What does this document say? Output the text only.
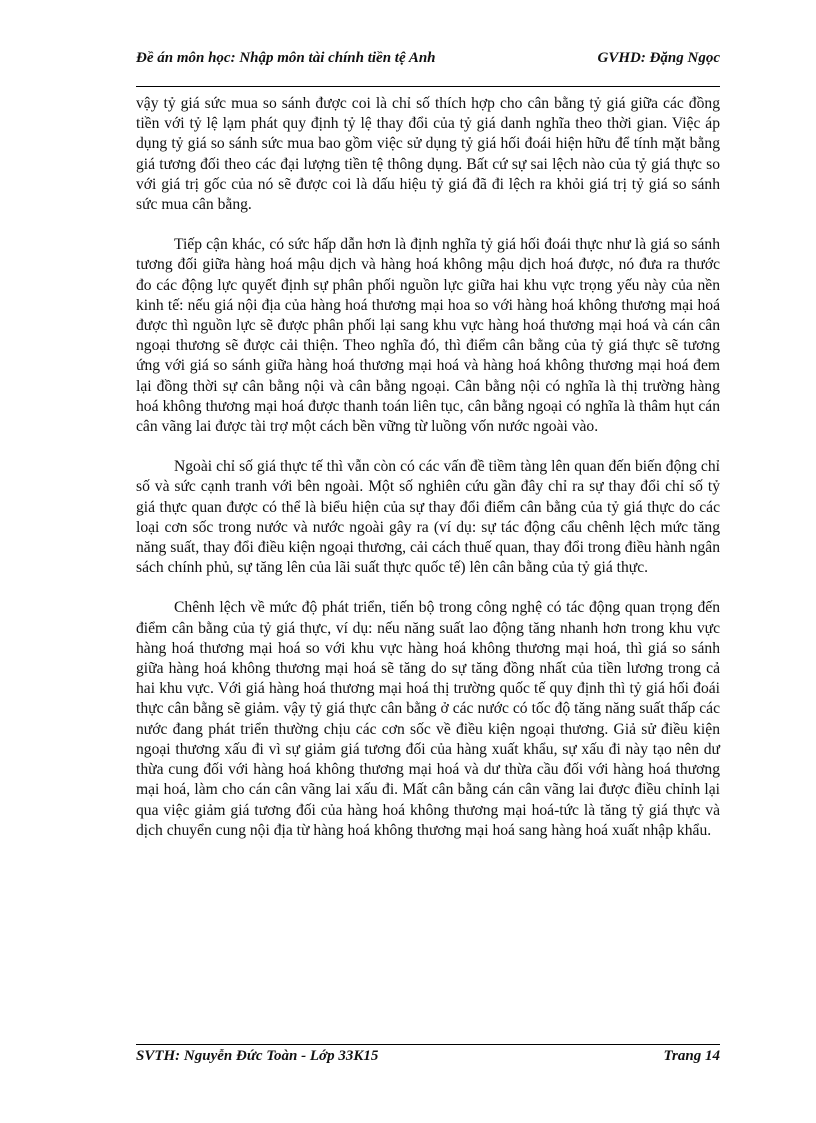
Đề án môn học: Nhập môn tài chính tiền tệ Anh	GVHD: Đặng Ngọc

vậy tỷ giá sức mua so sánh được coi là chỉ số thích hợp cho cân bằng tỷ giá giữa các đồng tiền với tỷ lệ lạm phát quy định tỷ lệ thay đổi của tỷ giá danh nghĩa theo thời gian. Việc áp dụng tỷ giá so sánh sức mua bao gồm việc sử dụng tỷ giá hối đoái hiện hữu để tính mặt bằng giá tương đối theo các đại lượng tiền tệ thông dụng. Bất cứ sự sai lệch nào của tỷ giá thực so với giá trị gốc của nó sẽ được coi là dấu hiệu tỷ giá đã đi lệch ra khỏi giá trị tỷ giá so sánh sức mua cân bằng.

Tiếp cận khác, có sức hấp dẫn hơn là định nghĩa tỷ giá hối đoái thực như là giá so sánh tương đối giữa hàng hoá mậu dịch và hàng hoá không mậu dịch hoá được, nó đưa ra thước đo các động lực quyết định sự phân phối nguồn lực giữa hai khu vực trọng yếu này của nền kinh tế: nếu giá nội địa của hàng hoá thương mại hoa so với hàng hoá không thương mại hoá được thì nguồn lực sẽ được phân phối lại sang khu vực hàng hoá thương mại hoá và cán cân ngoại thương sẽ được cải thiện. Theo nghĩa đó, thì điểm cân bằng của tỷ giá thực sẽ tương ứng với giá so sánh giữa hàng hoá thương mại hoá và hàng hoá không thương mại hoá đem lại đồng thời sự cân bằng nội và cân bằng ngoại. Cân bằng nội có nghĩa là thị trường hàng hoá không thương mại hoá được thanh toán liên tục, cân bằng ngoại có nghĩa là thâm hụt cán cân vãng lai được tài trợ một cách bền vững từ luồng vốn nước ngoài vào.

Ngoài chỉ số giá thực tế thì vẫn còn có các vấn đề tiềm tàng lên quan đến biến động chỉ số và sức cạnh tranh với bên ngoài. Một số nghiên cứu gần đây chỉ ra sự thay đổi chỉ số tỷ giá thực quan được có thể là biểu hiện của sự thay đổi điểm cân bằng của tỷ giá thực do các loại cơn sốc trong nước và nước ngoài gây ra (ví dụ: sự tác động cẩu chênh lệch mức tăng năng suất, thay đổi điều kiện ngoại thương, cải cách thuế quan, thay đổi trong điều hành ngân sách chính phủ, sự tăng lên của lãi suất thực quốc tế) lên cân bằng của tỷ giá thực.

Chênh lệch về mức độ phát triển, tiến bộ trong công nghệ có tác động quan trọng đến điểm cân bằng của tỷ giá thực, ví dụ: nếu năng suất lao động tăng nhanh hơn trong khu vực hàng hoá thương mại hoá so với khu vực hàng hoá không thương mại hoá, thì giá so sánh giữa hàng hoá không thương mại hoá sẽ tăng do sự tăng đồng nhất của tiền lương trong cả hai khu vực. Với giá hàng hoá thương mại hoá thị trường quốc tế quy định thì tỷ giá hối đoái thực cân bằng sẽ giảm. vậy tỷ giá thực cân bằng ở các nước có tốc độ tăng năng suất thấp các nước đang phát triển thường chịu các cơn sốc về điều kiện ngoại thương. Giả sử điều kiện ngoại thương xấu đi vì sự giảm giá tương đối của hàng xuất khẩu, sự xấu đi này tạo nên dư thừa cung đối với hàng hoá không thương mại hoá và dư thừa cầu đối với hàng hoá thương mại hoá, làm cho cán cân vãng lai xấu đi. Mất cân bằng cán cân vãng lai được điều chỉnh lại qua việc giảm giá tương đối của hàng hoá không thương mại hoá-tức là tăng tỷ giá thực và dịch chuyển cung nội địa từ hàng hoá không thương mại hoá sang hàng hoá xuất nhập khẩu.

SVTH: Nguyễn Đức Toàn - Lớp 33K15	Trang 14
